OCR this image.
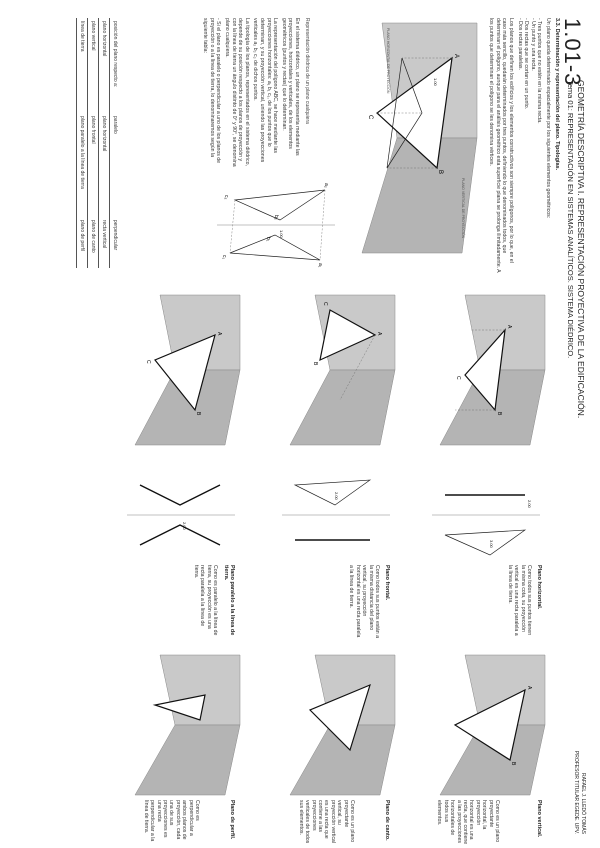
1.01-3
GEOMETRÍA DESCRIPTIVA I. REPRESENTACIÓN PROYECTIVA DE LA EDIFICACIÓN.
Tema 01: REPRESENTACIÓN EN SISTEMAS ANALÍTICOS. SISTEMA DIÉDRICO.
RAFAEL J. LLEDÓ TOMÁS
PROFESOR TITULAR EGEDE. UPV.
3.3. Determinación y representación del plano. Tipologías.

Un plano queda determinado espacialmente por los siguientes elementos geométricos:

- Tres puntos que no estén en la misma recta.

- Un punto y una recta.

- Dos rectas que se cortan en un punto.

- Dos rectas paralelas.

Los planos que definen los edificios y los elementos constructivos son siempre polígonos, por lo que, en el caso más sencillo, quedarán determinados por tres puntos, definiendo lo que denominados todos, que determinan el polígono, aunque para el análisis geométrico esta superficie plana se prolonga ilimitadamente. A los puntos que determinan el polígono se les denomina vértices.

A
B
C
1.00
PLANO VERTICAL DE PROYECCIÓN
PLANO HORIZONTAL DE PROYECCIÓN
a₂
a₁
b₂
b₁
c₂
c₁
1.00
Representación diédrica de un plano cualquiera

En el sistema diédrico, un plano se representa mediante las proyecciones, horizontales y verticales, de los elementos geométricos (puntos y rectas) que lo determinan.

La representación del polígono ABC, se hace mediante las proyecciones horizontales: a₁ b₁ c₁, de los puntos que lo determinan, y su proyección vertical, uniendo las proyecciones verticales a₂ b₂ c₂ de dichos puntos.

La tipología de los planos, representados en el sistema diédrico, depende de su posición respecto a los planos de proyección y con la línea de tierra un ángulo distinto de 0° y 90°, se denomina plano cualquiera.

- Si el plano es paralelo o perpendicular a uno de los planos de proyección o a la línea de tierra, lo denominaremos según la siguiente tabla:

posición del plano respecto a:	paralelo	perpendicular
plano horizontal	plano horizontal	recta vertical
plano vertical	plano frontal	plano de canto
línea de tierra	plano paralelo a la línea de tierra	plano de perfil
A
B
C
3.00
2.00
Plano horizontal.
Como todos sus puntos tienen la misma cota, su proyección vertical es una recta paralela a la línea de tierra.
A
B
C
2.00
Plano frontal.
Como todos sus puntos están a la misma distancia del plano vertical, su proyección horizontal es una recta paralela a la línea de tierra.
A
B
C
2.00
Plano paralelo a la línea de tierra.
Como es paralelo a la línea de tierra, su proyección es una recta paralela a la línea de tierra.
A
B
Plano vertical.
Como es un plano proyectante horizontal, la proyección horizontal es una recta, que contiene a las proyecciones horizontales de todos sus elementos.
Plano de canto.
Como es un plano proyectante vertical, su proyección vertical es una recta que contiene a las proyecciones verticales de todos sus elementos.
Plano de perfil.
Como es perpendicular a ambos planos de proyección, cada una de sus proyecciones es una recta perpendicular a la línea de tierra.
